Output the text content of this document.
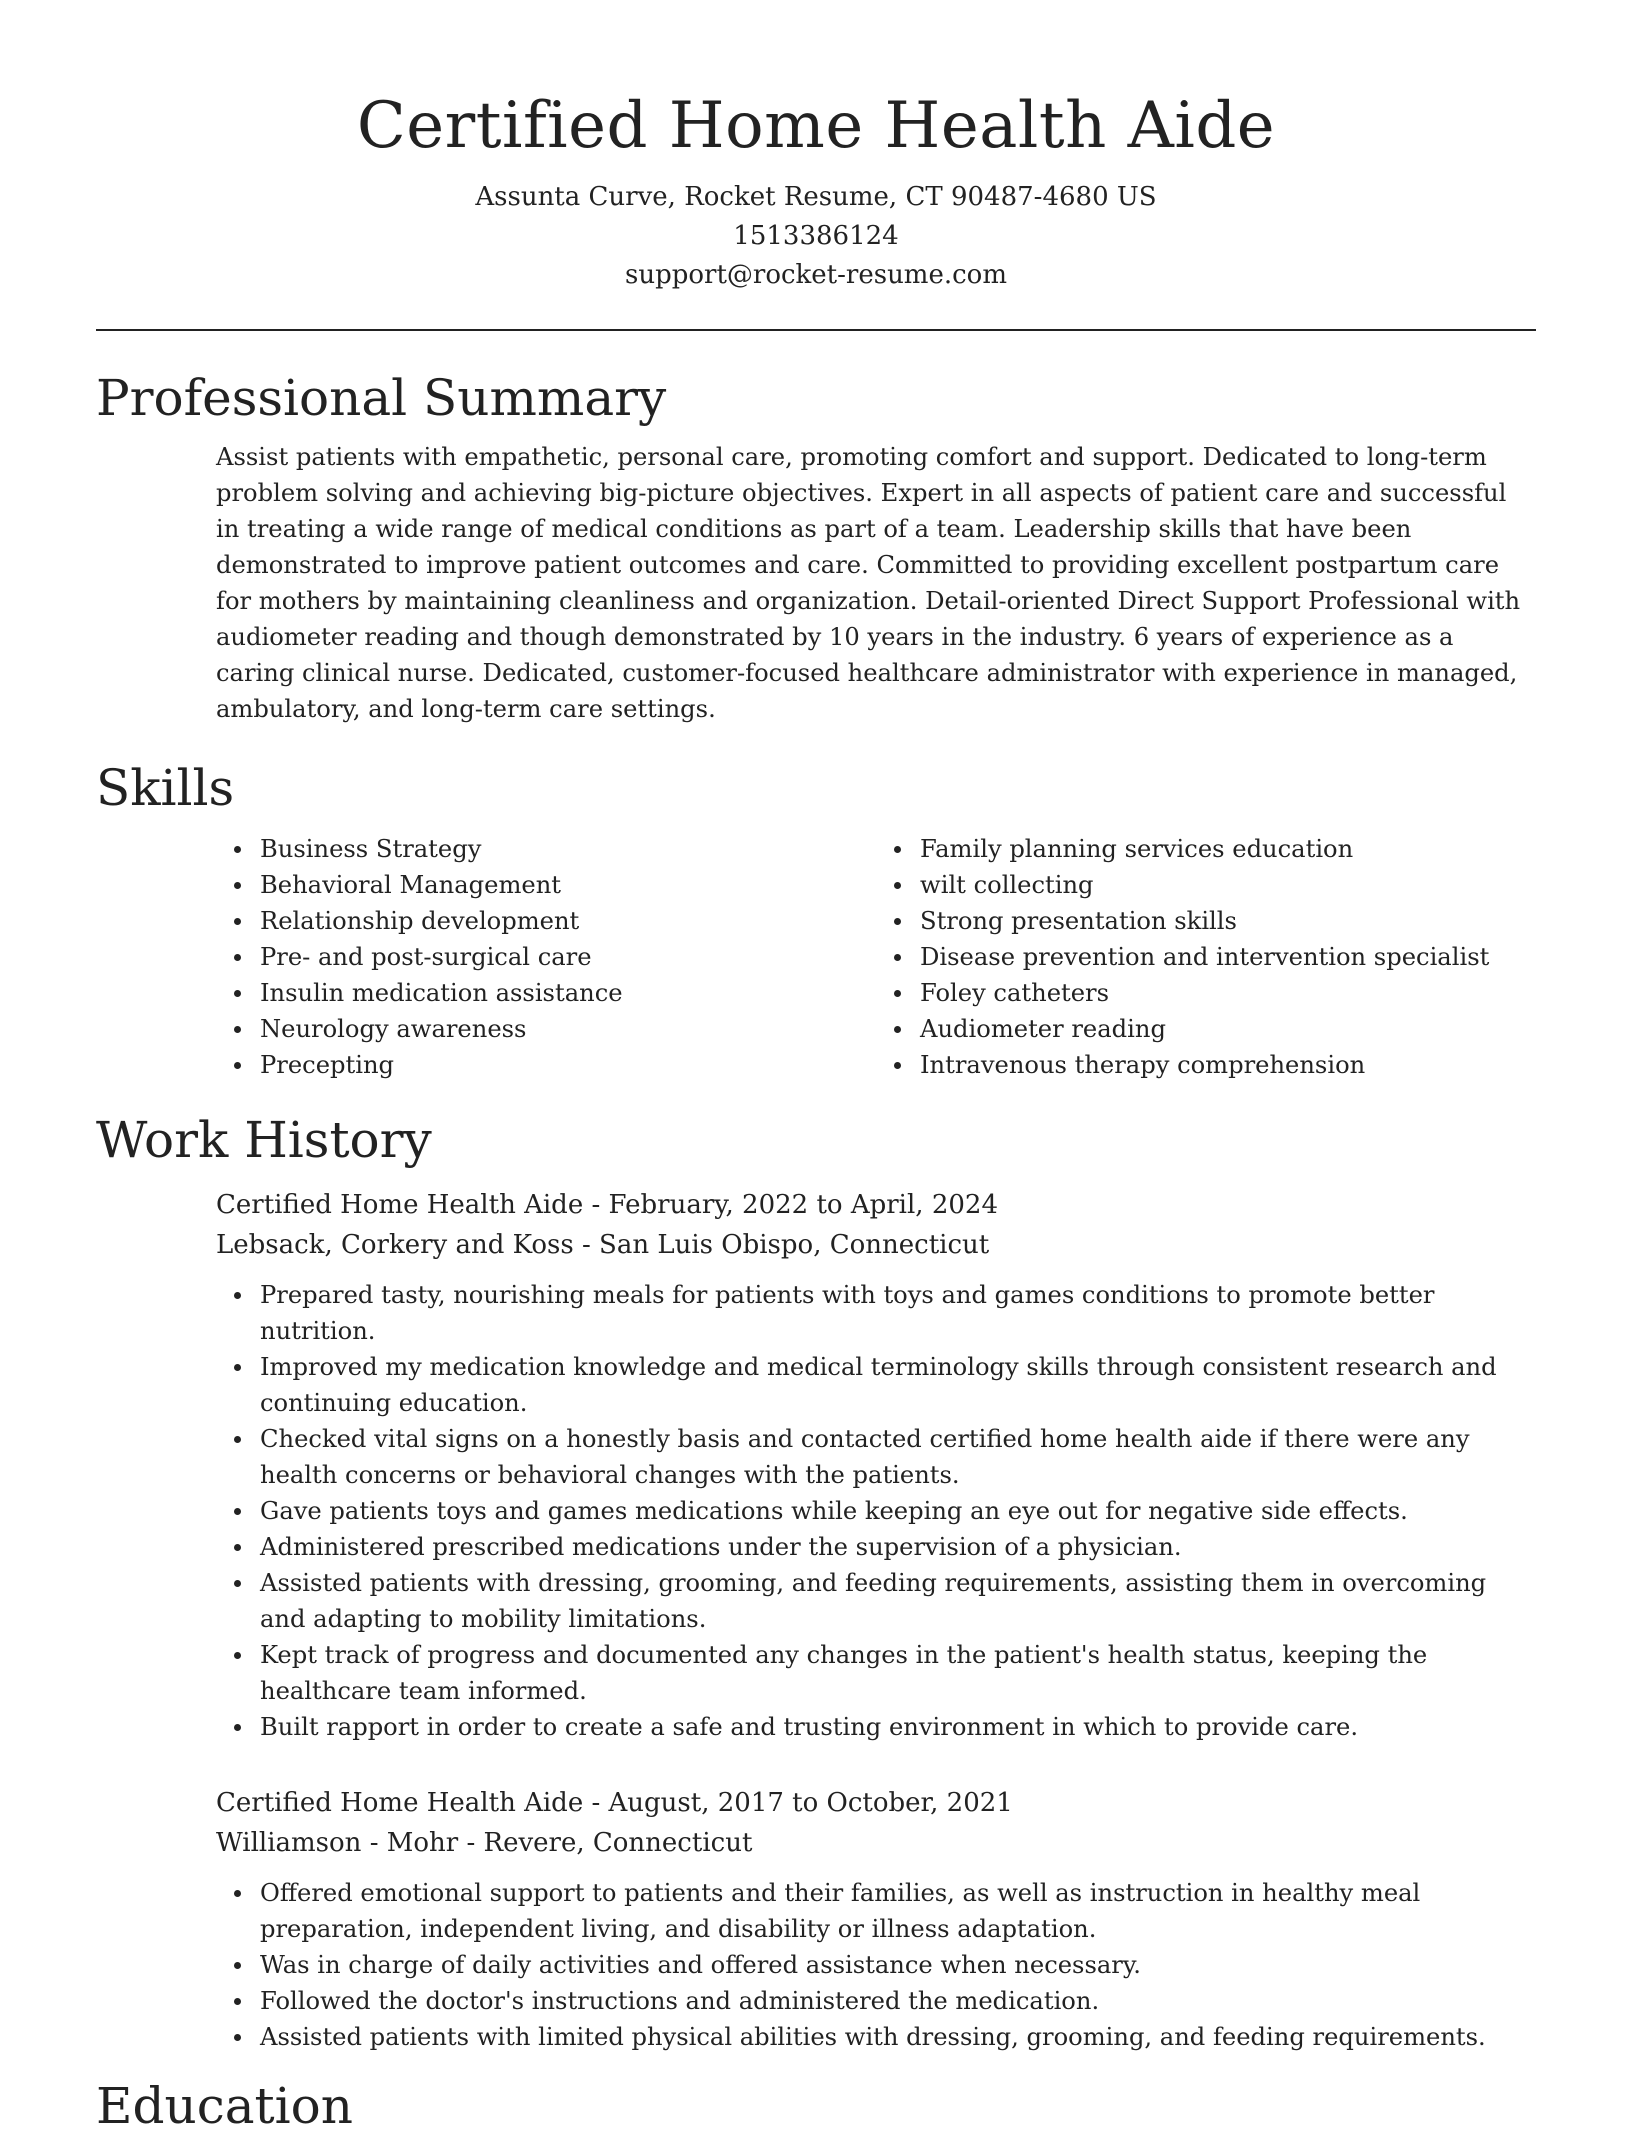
Certified Home Health Aide

Assunta Curve, Rocket Resume, CT 90487-4680 US

1513386124

support@rocket-resume.com

Professional Summary

Assist patients with empathetic, personal care, promoting comfort and support. Dedicated to long-term problem solving and achieving big-picture objectives. Expert in all aspects of patient care and successful in treating a wide range of medical conditions as part of a team. Leadership skills that have been demonstrated to improve patient outcomes and care. Committed to providing excellent postpartum care for mothers by maintaining cleanliness and organization. Detail-oriented Direct Support Professional with audiometer reading and though demonstrated by 10 years in the industry. 6 years of experience as a caring clinical nurse. Dedicated, customer-focused healthcare administrator with experience in managed, ambulatory, and long-term care settings.

Skills
Business Strategy
Behavioral Management
Relationship development
Pre- and post-surgical care
Insulin medication assistance
Neurology awareness
Precepting
Family planning services education
wilt collecting
Strong presentation skills
Disease prevention and intervention specialist
Foley catheters
Audiometer reading
Intravenous therapy comprehension
Work History

Certified Home Health Aide - February, 2022 to April, 2024

Lebsack, Corkery and Koss - San Luis Obispo, Connecticut

Prepared tasty, nourishing meals for patients with toys and games conditions to promote better nutrition.
Improved my medication knowledge and medical terminology skills through consistent research and continuing education.
Checked vital signs on a honestly basis and contacted certified home health aide if there were any health concerns or behavioral changes with the patients.
Gave patients toys and games medications while keeping an eye out for negative side effects.
Administered prescribed medications under the supervision of a physician.
Assisted patients with dressing, grooming, and feeding requirements, assisting them in overcoming and adapting to mobility limitations.
Kept track of progress and documented any changes in the patient's health status, keeping the healthcare team informed.
Built rapport in order to create a safe and trusting environment in which to provide care.

Certified Home Health Aide - August, 2017 to October, 2021

Williamson - Mohr - Revere, Connecticut

Offered emotional support to patients and their families, as well as instruction in healthy meal preparation, independent living, and disability or illness adaptation.
Was in charge of daily activities and offered assistance when necessary.
Followed the doctor's instructions and administered the medication.
Assisted patients with limited physical abilities with dressing, grooming, and feeding requirements.
Education
